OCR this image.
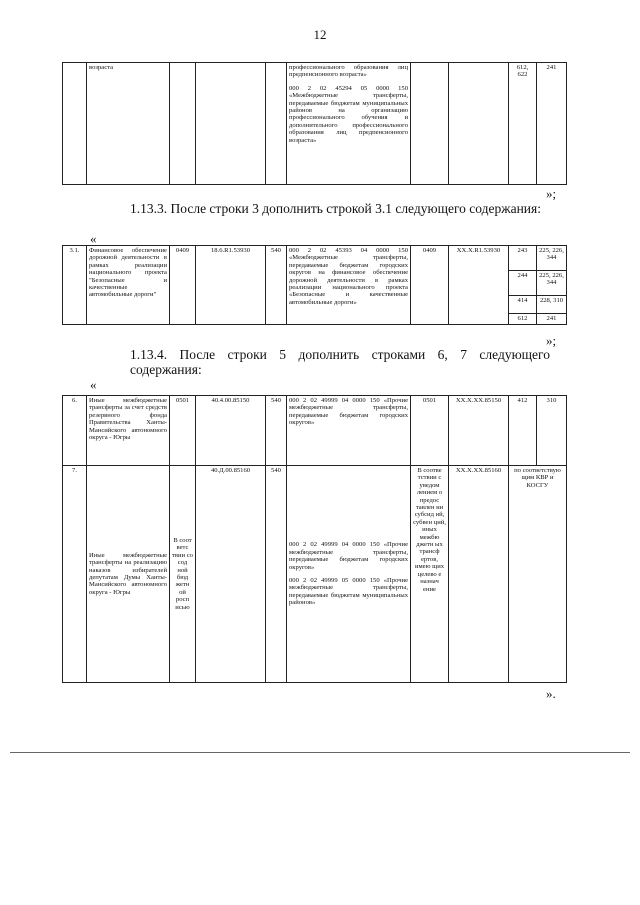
12
	возраста				профессионального образования лиц предпенсионного возраста»
000 2 02 45294 05 0000 150 «Межбюджетные трансферты, передаваемые бюджетам муниципальных районов на организацию профессионального обучения и дополнительного профессионального образования лиц предпенсионного возраста»
			612, 622	241
»;
1.13.3. После строки 3 дополнить строкой 3.1 следующего содержания:
«
3.1.	Финансовое обеспечение дорожной деятельности в рамках реализации национального проекта "Безопасные и качественные автомобильные дороги"	0409	18.6.R1.53930	540	000 2 02 45393 04 0000 150 «Межбюджетные трансферты, передаваемые бюджетам городских округов на финансовое обеспечение дорожной деятельности в рамках реализации национального проекта «Безопасные и качественные автомобильные дороги»	0409	XX.X.R1.53930	243	225, 226, 344
								244	225, 226, 344
								414	228, 310
								612	241
»;
1.13.4. После строки 5 дополнить строками 6, 7 следующего содержания:
«
6.	Иные межбюджетные трансферты за счет средств резервного фонда Правительства Ханты-Мансийского автономного округа - Югры	0501	40.4.00.85150	540	000 2 02 49999 04 0000 150 «Прочие межбюджетные трансферты, передаваемые бюджетам городских округов»	0501	XX.X.XX.85150	412	310
7.	Иные межбюджетные трансферты на реализацию наказов избирателей депутатам Думы Ханты-Мансийского автономного округа - Югры	В соот ветс твии со сод ной бюд жетн ой росп исью	40.Д.00.85160	540	000 2 02 49999 04 0000 150 «Прочие межбюджетные трансферты, передаваемые бюджетам городских округов»
000 2 02 49999 05 0000 150 «Прочие межбюджетные трансферты, передаваемые бюджетам муниципальных районов»	В соотве тствии с уведом лением о предос тавлен ии субсид ий, субвен ций, иных межбю джетн ых трансф ертов, имею щих целево е назнач ение	XX.X.XX.85160	по соответствую щим КВР и КОСГУ	
».
